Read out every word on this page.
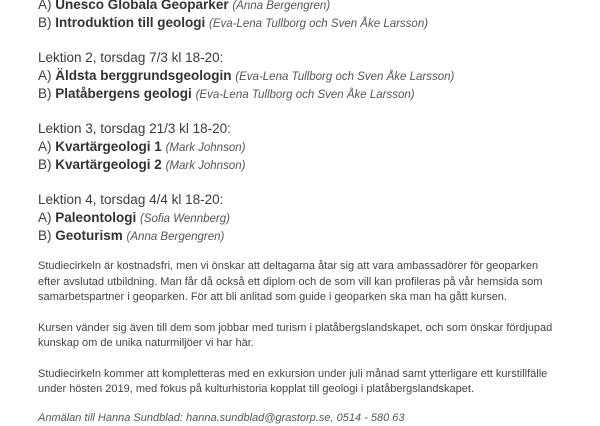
A) Unesco Globala Geoparker (Anna Bergengren)
B) Introduktion till geologi (Eva-Lena Tullborg och Sven Åke Larsson)
Lektion 2, torsdag 7/3 kl 18-20:
A) Äldsta berggrundsgeologin (Eva-Lena Tullborg och Sven Åke Larsson)
B) Platåbergens geologi (Eva-Lena Tullborg och Sven Åke Larsson)
Lektion 3, torsdag 21/3 kl 18-20:
A) Kvartärgeologi 1 (Mark Johnson)
B) Kvartärgeologi 2 (Mark Johnson)
Lektion 4, torsdag 4/4 kl 18-20:
A) Paleontologi (Sofia Wennberg)
B) Geoturism (Anna Bergengren)

Studiecirkeln är kostnadsfri, men vi önskar att deltagarna åtar sig att vara ambassadörer för geoparken
efter avslutad utbildning. Man får då också ett diplom och de som vill kan profileras på vår hemsida som
samarbetspartner i geoparken. För att bli anlitad som guide i geoparken ska man ha gått kursen.

Kursen vänder sig även till dem som jobbar med turism i platåbergslandskapet, och som önskar fördjupad
kunskap om de unika naturmiljöer vi har här.

Studiecirkeln kommer att kompletteras med en exkursion under juli månad samt ytterligare ett kurstillfälle
under hösten 2019, med fokus på kulturhistoria kopplat till geologi i platåbergslandskapet.

Anmälan till Hanna Sundblad: hanna.sundblad@grastorp.se, 0514 - 580 63
